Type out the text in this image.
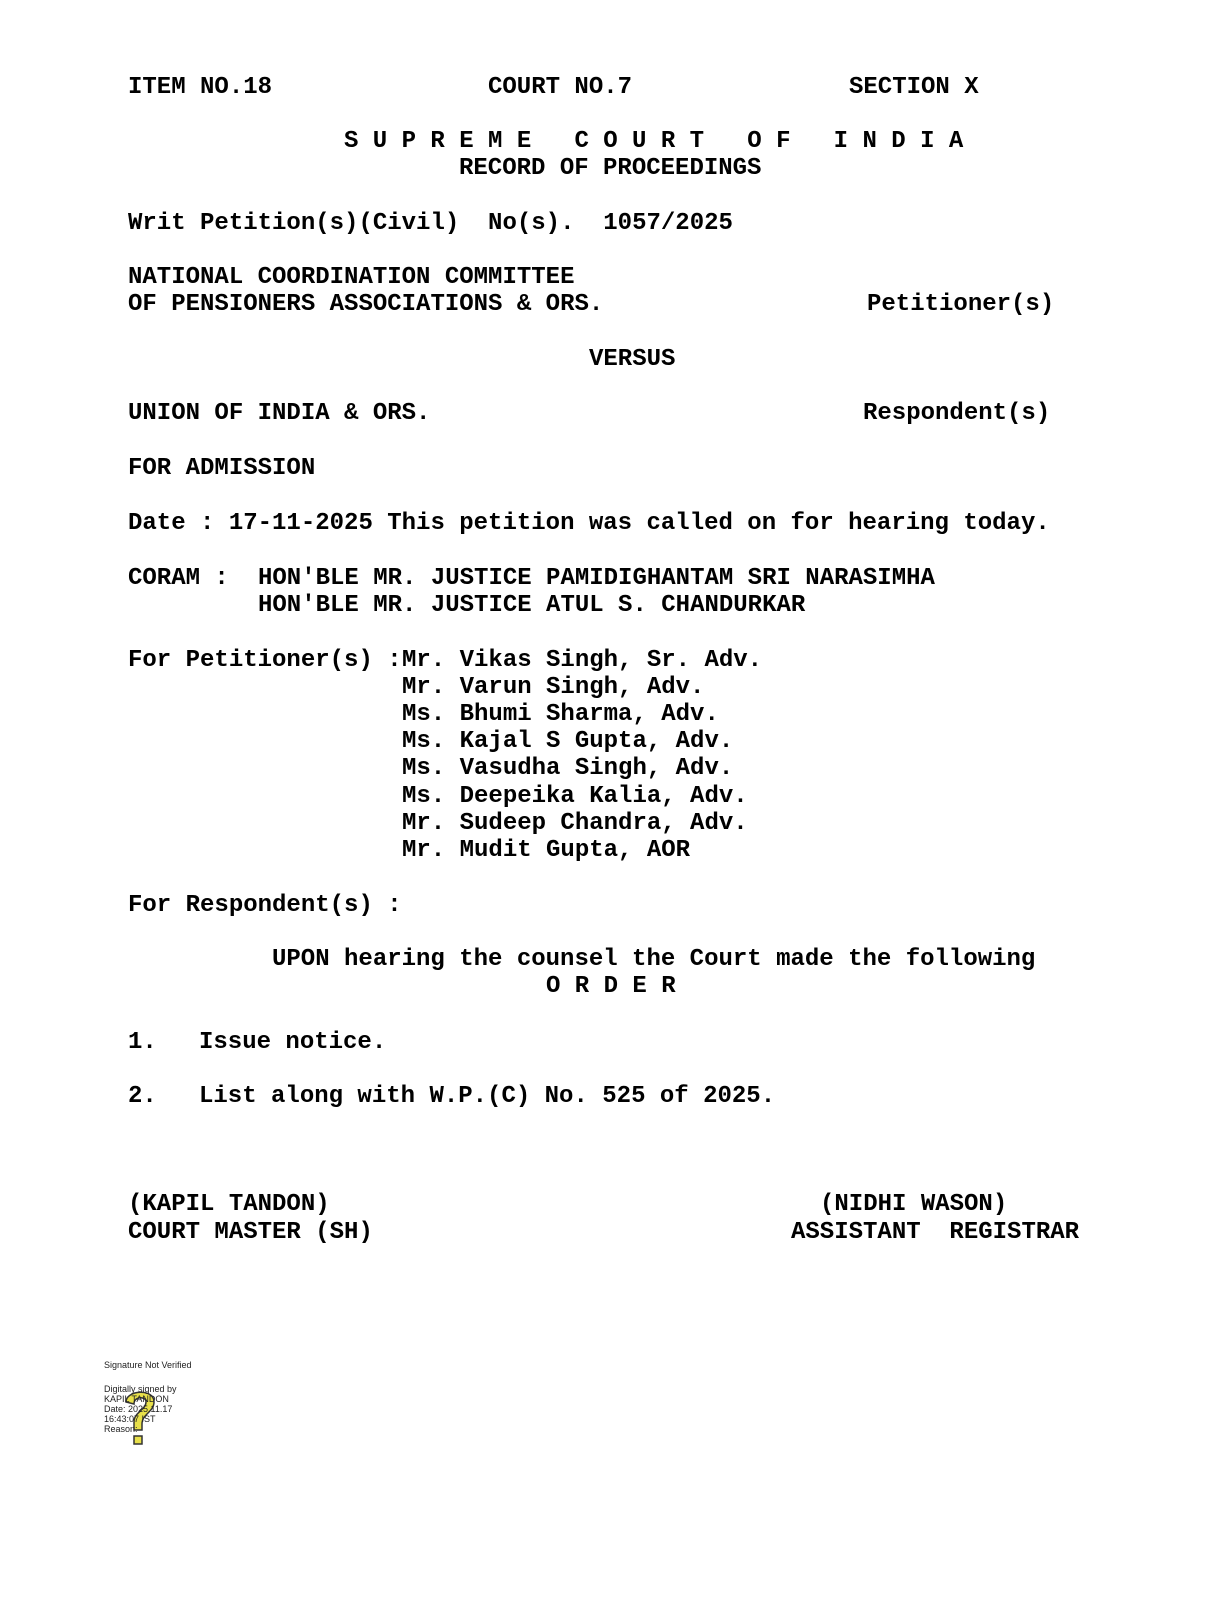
ITEM NO.18	COURT NO.7	SECTION X
S U P R E M E   C O U R T   O F   I N D I A
RECORD OF PROCEEDINGS
Writ Petition(s)(Civil)  No(s).  1057/2025
NATIONAL COORDINATION COMMITTEE
OF PENSIONERS ASSOCIATIONS & ORS.	Petitioner(s)
VERSUS
UNION OF INDIA & ORS.	Respondent(s)
FOR ADMISSION
Date : 17-11-2025 This petition was called on for hearing today.
CORAM : HON'BLE MR. JUSTICE PAMIDIGHANTAM SRI NARASIMHA
HON'BLE MR. JUSTICE ATUL S. CHANDURKAR
For Petitioner(s) : Mr. Vikas Singh, Sr. Adv.
Mr. Varun Singh, Adv.
Ms. Bhumi Sharma, Adv.
Ms. Kajal S Gupta, Adv.
Ms. Vasudha Singh, Adv.
Ms. Deepeika Kalia, Adv.
Mr. Sudeep Chandra, Adv.
Mr. Mudit Gupta, AOR
For Respondent(s) :
UPON hearing the counsel the Court made the following
O R D E R
1. Issue notice.
2. List along with W.P.(C) No. 525 of 2025.
(KAPIL TANDON)
COURT MASTER (SH)
(NIDHI WASON)
ASSISTANT  REGISTRAR
Signature Not Verified
Digitally signed by
KAPIL TANDON
Date: 2025.11.17
16:43:07 IST
Reason:
